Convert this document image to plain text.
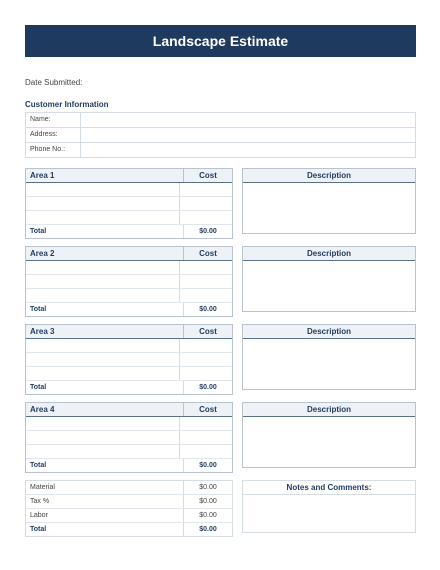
Landscape Estimate
Date Submitted:
Customer Information
Name:
Address:
Phone No.:
Area 1	Cost
Total	$0.00
Description
Area 2	Cost
Total	$0.00
Description
Area 3	Cost
Total	$0.00
Description
Area 4	Cost
Total	$0.00
Description
Material	$0.00
Tax %	$0.00
Labor	$0.00
Total	$0.00
Notes and Comments:
